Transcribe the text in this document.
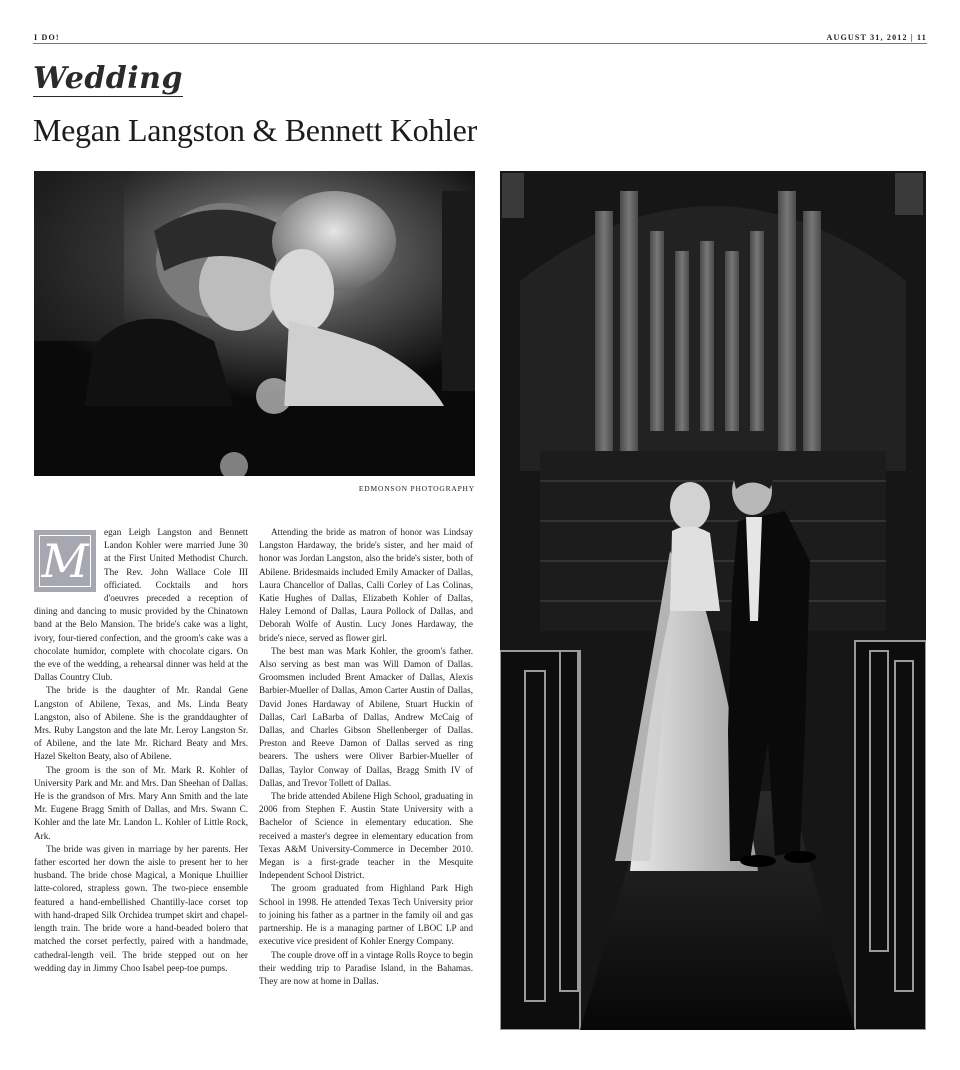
I DO!	AUGUST 31, 2012 | 11
Wedding
Megan Langston & Bennett Kohler
EDMONSON PHOTOGRAPHY
M

egan Leigh Langston and Bennett Landon Kohler were married June 30 at the First United Methodist Church. The Rev. John Wallace Cole III officiated. Cocktails and hors d'oeuvres preceded a reception of dining and dancing to music provided by the Chinatown band at the Belo Mansion. The bride's cake was a light, ivory, four-tiered confection, and the groom's cake was a chocolate humidor, complete with chocolate cigars. On the eve of the wedding, a rehearsal dinner was held at the Dallas Country Club.

The bride is the daughter of Mr. Randal Gene Langston of Abilene, Texas, and Ms. Linda Beaty Langston, also of Abilene. She is the granddaughter of Mrs. Ruby Langston and the late Mr. Leroy Langston Sr. of Abilene, and the late Mr. Richard Beaty and Mrs. Hazel Skelton Beaty, also of Abilene.

The groom is the son of Mr. Mark R. Kohler of University Park and Mr. and Mrs. Dan Sheehan of Dallas. He is the grandson of Mrs. Mary Ann Smith and the late Mr. Eugene Bragg Smith of Dallas, and Mrs. Swann C. Kohler and the late Mr. Landon L. Kohler of Little Rock, Ark.

The bride was given in marriage by her parents. Her father escorted her down the aisle to present her to her husband. The bride chose Magical, a Monique Lhuillier latte-colored, strapless gown. The two-piece ensemble featured a hand-embellished Chantilly-lace corset top with hand-draped Silk Orchidea trumpet skirt and chapel-length train. The bride wore a hand-beaded bolero that matched the corset perfectly, paired with a handmade, cathedral-length veil. The bride stepped out on her wedding day in Jimmy Choo Isabel peep-toe pumps.

Attending the bride as matron of honor was Lindsay Langston Hardaway, the bride's sister, and her maid of honor was Jordan Langston, also the bride's sister, both of Abilene. Bridesmaids included Emily Amacker of Dallas, Laura Chancellor of Dallas, Calli Corley of Las Colinas, Katie Hughes of Dallas, Elizabeth Kohler of Dallas, Haley Lemond of Dallas, Laura Pollock of Dallas, and Deborah Wolfe of Austin. Lucy Jones Hardaway, the bride's niece, served as flower girl.

The best man was Mark Kohler, the groom's father. Also serving as best man was Will Damon of Dallas. Groomsmen included Brent Amacker of Dallas, Alexis Barbier-Mueller of Dallas, Amon Carter Austin of Dallas, David Jones Hardaway of Abilene, Stuart Huckin of Dallas, Carl LaBarba of Dallas, Andrew McCaig of Dallas, and Charles Gibson Shellenberger of Dallas. Preston and Reeve Damon of Dallas served as ring bearers. The ushers were Oliver Barbier-Mueller of Dallas, Taylor Conway of Dallas, Bragg Smith IV of Dallas, and Trevor Tollett of Dallas.

The bride attended Abilene High School, graduating in 2006 from Stephen F. Austin State University with a Bachelor of Science in elementary education. She received a master's degree in elementary education from Texas A&M University-Commerce in December 2010. Megan is a first-grade teacher in the Mesquite Independent School District.

The groom graduated from Highland Park High School in 1998. He attended Texas Tech University prior to joining his father as a partner in the family oil and gas partnership. He is a managing partner of LBOC LP and executive vice president of Kohler Energy Company.

The couple drove off in a vintage Rolls Royce to begin their wedding trip to Paradise Island, in the Bahamas. They are now at home in Dallas.
